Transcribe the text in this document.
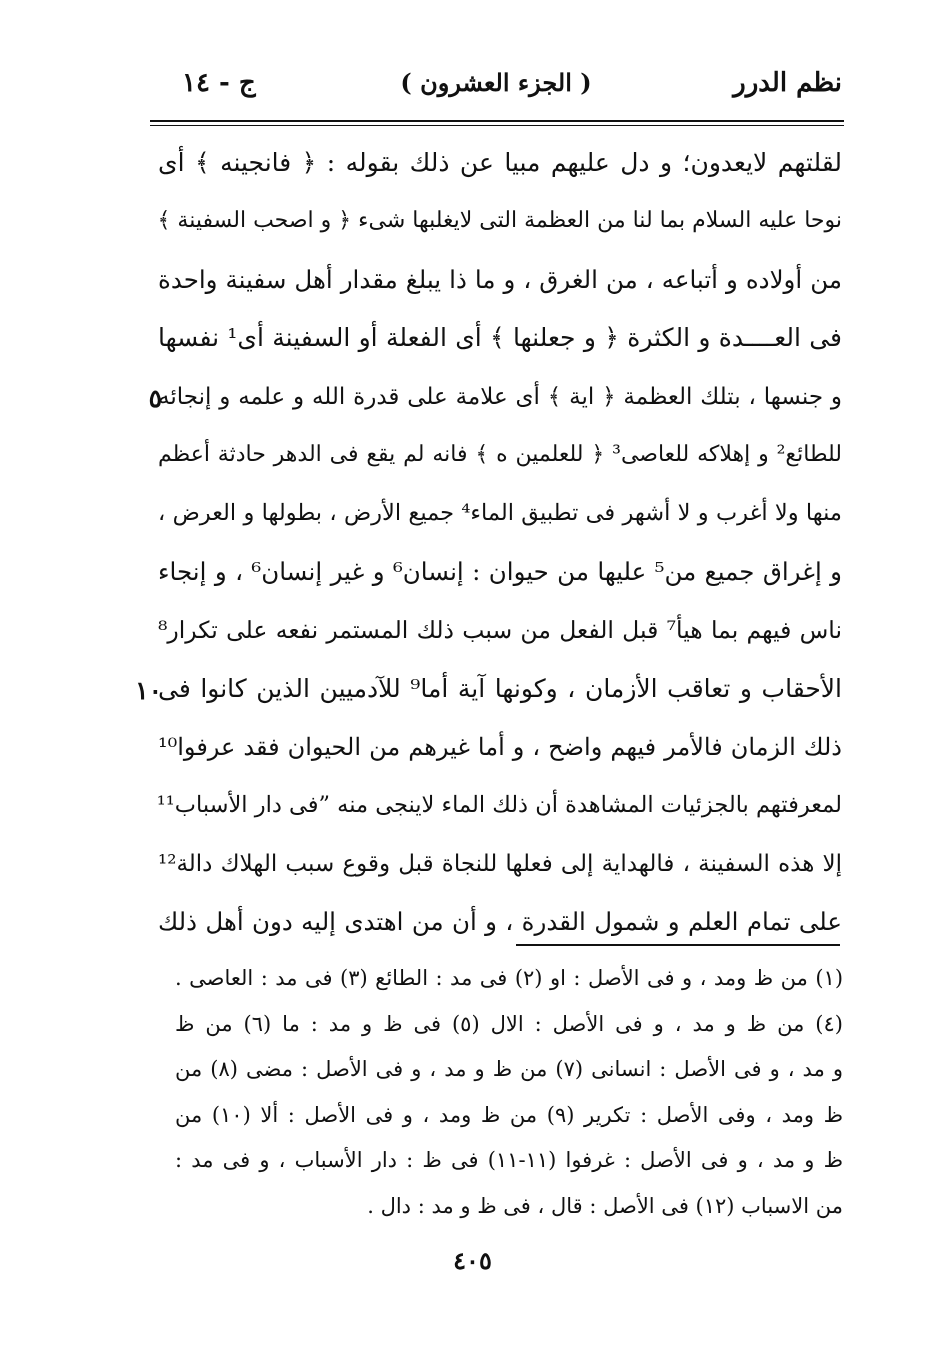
نظم الدرر
( الجزء العشرون )
ج - ١٤
لقلتهم لايعدون؛ و دل عليهم مبيا عن ذلك بقوله : ﴿ فانجينه ﴾ أى
نوحا عليه السلام بما لنا من العظمة التى لايغلبها شىء ﴿ و اصحب السفينة ﴾
من أولاده و أتباعه ، من الغرق ، و ما ذا يبلغ مقدار أهل سفينة واحدة
فى العــــدة و الكثرة ﴿ و جعلنها ﴾ أى الفعلة أو السفينة أى¹ نفسها
و جنسها ، بتلك العظمة ﴿ اية ﴾ أى علامة على قدرة الله و علمه و إنجائه
للطائع² و إهلاكه للعاصى³ ﴿ للعلمين ه ﴾ فانه لم يقع فى الدهر حادثة أعظم
منها ولا أغرب و لا أشهر فى تطبيق الماء⁴ جميع الأرض ، بطولها و العرض ،
و إغراق جميع من⁵ عليها من حيوان : إنسان⁶ و غير إنسان⁶ ، و إنجاء
ناس فيهم بما هيأ⁷ قبل الفعل من سبب ذلك المستمر نفعه على تكرار⁸
الأحقاب و تعاقب الأزمان ، وكونها آية أما⁹ للآدميين الذين كانوا فى
ذلك الزمان فالأمر فيهم واضح ، و أما غيرهم من الحيوان فقد عرفوا¹⁰
لمعرفتهم بالجزئيات المشاهدة أن ذلك الماء لاينجى منه ”فى دار الأسباب¹¹
إلا هذه السفينة ، فالهداية إلى فعلها للنجاة قبل وقوع سبب الهلاك دالة¹²
على تمام العلم و شمول القدرة ، و أن من اهتدى إليه دون أهل ذلك
٥
١٠
(١) من ظ ومد ، و فى الأصل : او (٢) فى مد : الطائع (٣) فى مد : العاصى .
(٤) من ظ و مد ، و فى الأصل : الال (٥) فى ظ و مد : ما (٦) من ظ
و مد ، و فى الأصل : انسانى (٧) من ظ و مد ، و فى الأصل : مضى (٨) من
ظ ومد ، وفى الأصل : تكرير (٩) من ظ ومد ، و فى الأصل : ألا (١٠) من
ظ و مد ، و فى الأصل : غرفوا (١١-١١) فى ظ : دار الأسباب ، و فى مد :
من الاسباب (١٢) فى الأصل : قال ، فى ظ و مد : دال .
٤٠٥
